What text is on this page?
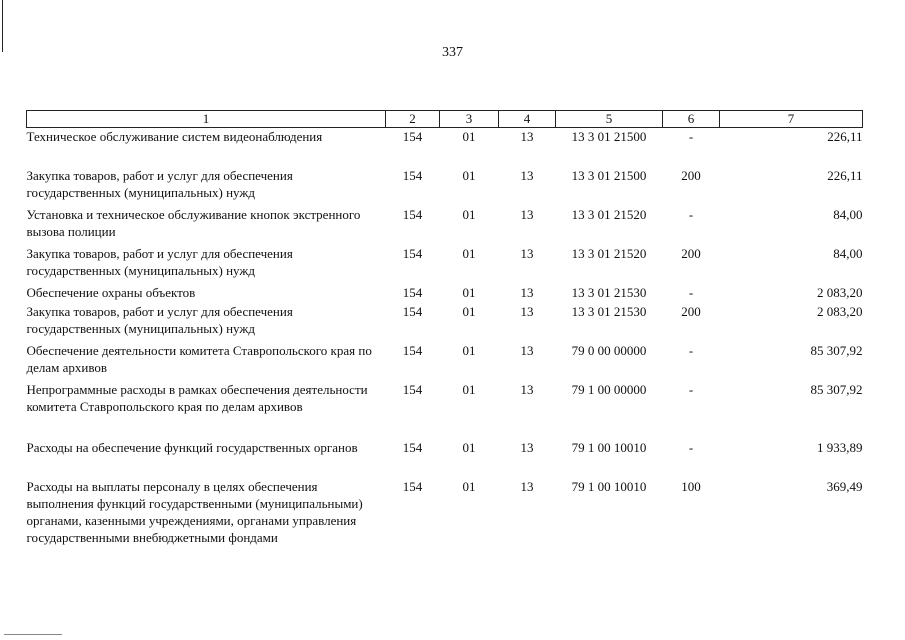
337
1	2	3	4	5	6	7
Техническое обслуживание систем видеонаблюдения	154	01	13	13 3 01 21500	-	226,11
Закупка товаров, работ и услуг для обеспечения государственных (муниципальных) нужд	154	01	13	13 3 01 21500	200	226,11
Установка и техническое обслуживание кнопок экстренного вызова полиции	154	01	13	13 3 01 21520	-	84,00
Закупка товаров, работ и услуг для обеспечения государственных (муниципальных) нужд	154	01	13	13 3 01 21520	200	84,00
Обеспечение охраны объектов	154	01	13	13 3 01 21530	-	2 083,20
Закупка товаров, работ и услуг для обеспечения государственных (муниципальных) нужд	154	01	13	13 3 01 21530	200	2 083,20
Обеспечение деятельности комитета Ставропольского края по делам архивов	154	01	13	79 0 00 00000	-	85 307,92
Непрограммные расходы в рамках обеспечения деятельности комитета Ставропольского края по делам архивов	154	01	13	79 1 00 00000	-	85 307,92
Расходы на обеспечение функций государственных органов	154	01	13	79 1 00 10010	-	1 933,89
Расходы на выплаты персоналу в целях обеспечения выполнения функций государственными (муниципальными) органами, казенными учреждениями, органами управления государственными внебюджетными фондами	154	01	13	79 1 00 10010	100	369,49
